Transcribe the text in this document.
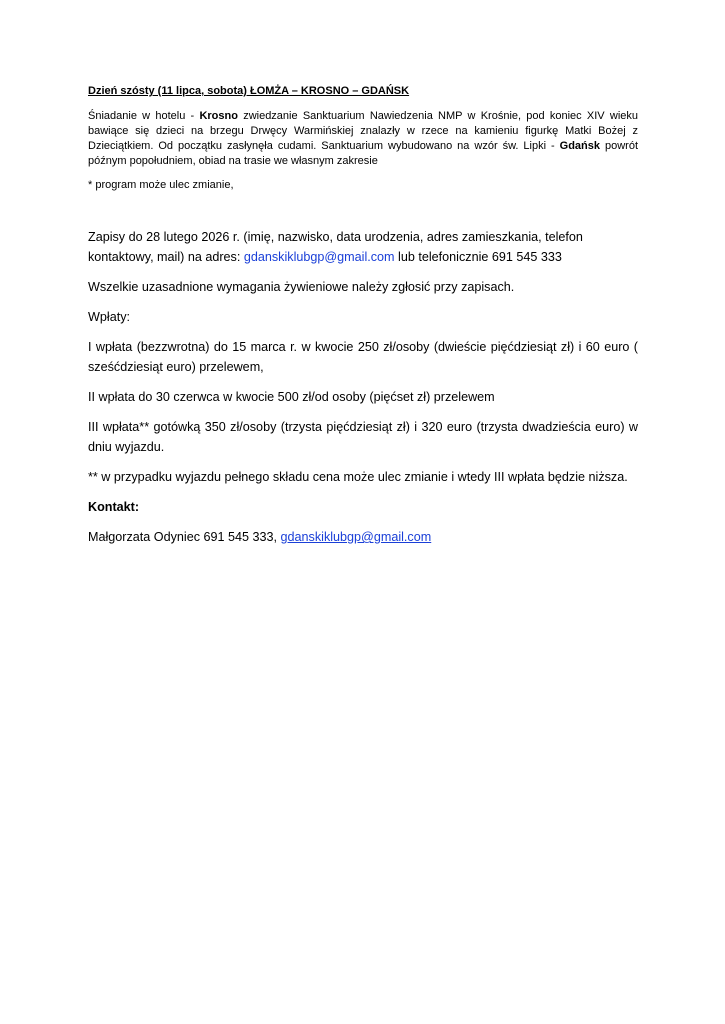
Dzień szósty (11 lipca, sobota) ŁOMŻA – KROSNO – GDAŃSK

Śniadanie w hotelu - Krosno zwiedzanie Sanktuarium Nawiedzenia NMP w Krośnie, pod koniec XIV wieku bawiące się dzieci na brzegu Drwęcy Warmińskiej znalazły w rzece na kamieniu figurkę Matki Bożej z Dzieciątkiem. Od początku zasłynęła cudami. Sanktuarium wybudowano na wzór św. Lipki - Gdańsk powrót późnym popołudniem, obiad na trasie we własnym zakresie

* program może ulec zmianie,

Zapisy do 28 lutego 2026 r. (imię, nazwisko, data urodzenia, adres zamieszkania, telefon kontaktowy, mail) na adres: gdanskiklubgp@gmail.com lub telefonicznie 691 545 333

Wszelkie uzasadnione wymagania żywieniowe należy zgłosić przy zapisach.

Wpłaty:

I wpłata (bezzwrotna) do 15 marca r. w kwocie 250 zł/osoby (dwieście pięćdziesiąt zł) i 60 euro ( sześćdziesiąt euro) przelewem,

II wpłata do 30 czerwca w kwocie 500 zł/od osoby (pięćset zł) przelewem

III wpłata** gotówką 350 zł/osoby (trzysta pięćdziesiąt zł) i 320 euro (trzysta dwadzieścia euro) w dniu wyjazdu.

** w przypadku wyjazdu pełnego składu cena może ulec zmianie i wtedy III wpłata będzie niższa.

Kontakt:

Małgorzata Odyniec 691 545 333, gdanskiklubgp@gmail.com
